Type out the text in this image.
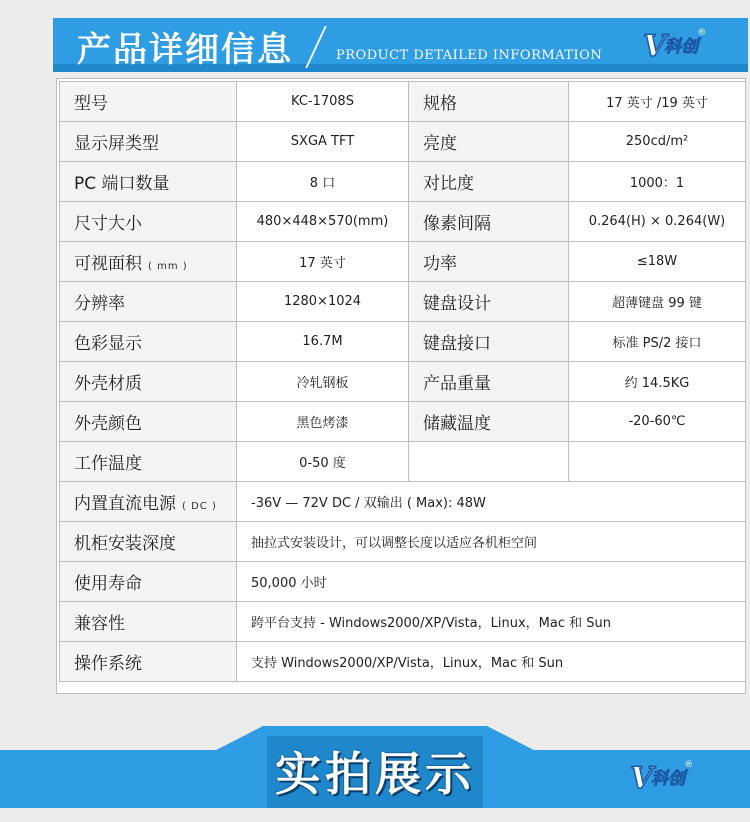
产品详细信息	PRODUCT DETAILED INFORMATION V
科创
®
型号	KC-1708S	规格	17 英寸 /19 英寸
显示屏类型	SXGA TFT	亮度	250cd/m²
PC 端口数量	8 口	对比度	1000：1
尺寸大小	480×448×570(mm)	像素间隔	0.264(H) × 0.264(W)
可视面积 ( mm )	17 英寸	功率	≤18W
分辨率	1280×1024	键盘设计	超薄键盘 99 键
色彩显示	16.7M	键盘接口	标准 PS/2 接口
外壳材质	冷轧钢板	产品重量	约 14.5KG
外壳颜色	黑色烤漆	储藏温度	-20-60℃
工作温度	0-50 度		
内置直流电源 ( DC )	-36V — 72V DC / 双输出 ( Max): 48W		
机柜安装深度	抽拉式安装设计，可以调整长度以适应各机柜空间		
使用寿命	50,000 小时		
兼容性	跨平台支持 - Windows2000/XP/Vista，Linux，Mac 和 Sun		
操作系统	支持 Windows2000/XP/Vista，Linux，Mac 和 Sun		
V
科创
®
实拍展示
